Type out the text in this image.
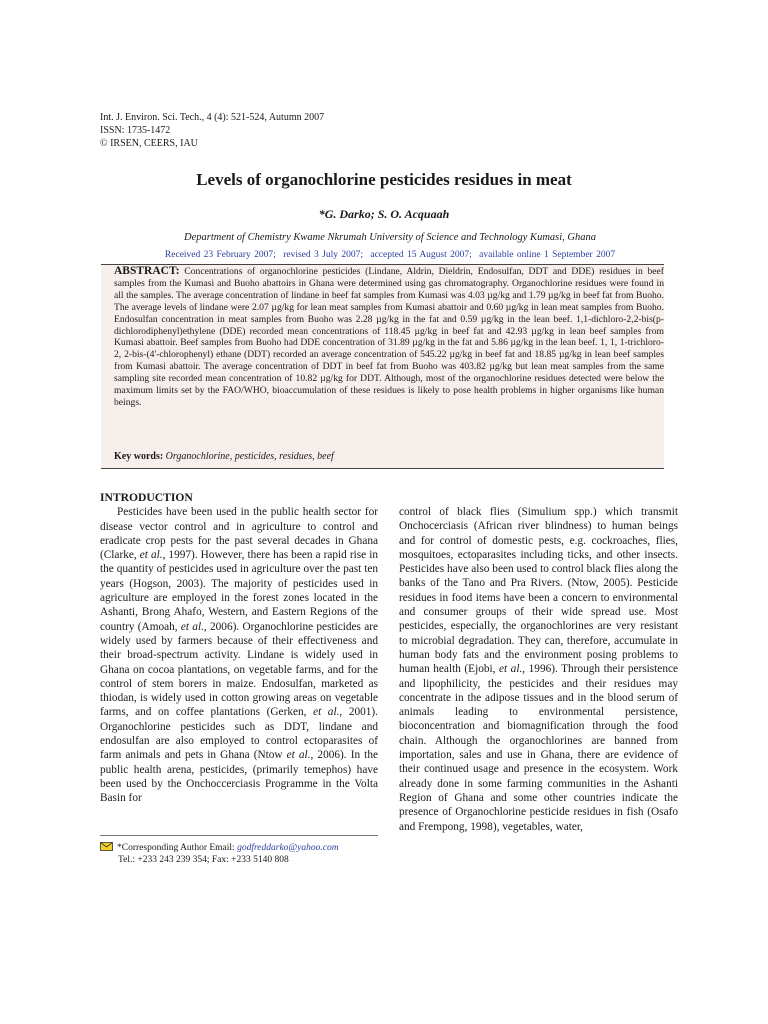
Int. J. Environ. Sci. Tech., 4 (4): 521-524, Autumn 2007
ISSN: 1735-1472
© IRSEN, CEERS, IAU
Levels of organochlorine pesticides residues in meat
*G. Darko; S. O. Acquaah
Department of Chemistry Kwame Nkrumah University of Science and Technology Kumasi, Ghana
Received 23 February 2007; revised 3 July 2007; accepted 15 August 2007; available online 1 September 2007
ABSTRACT: Concentrations of organochlorine pesticides (Lindane, Aldrin, Dieldrin, Endosulfan, DDT and DDE) residues in beef samples from the Kumasi and Buoho abattoirs in Ghana were determined using gas chromatography. Organochlorine residues were found in all the samples. The average concentration of lindane in beef fat samples from Kumasi was 4.03 µg/kg and 1.79 µg/kg in beef fat from Buoho. The average levels of lindane were 2.07 µg/kg for lean meat samples from Kumasi abattoir and 0.60 µg/kg in lean meat samples from Buoho. Endosulfan concentration in meat samples from Buoho was 2.28 µg/kg in the fat and 0.59 µg/kg in the lean beef. 1,1-dichloro-2,2-bis(p-dichlorodiphenyl)ethylene (DDE) recorded mean concentrations of 118.45 µg/kg in beef fat and 42.93 µg/kg in lean beef samples from Kumasi abattoir. Beef samples from Buoho had DDE concentration of 31.89 µg/kg in the fat and 5.86 µg/kg in the lean beef. 1, 1, 1-trichloro-2, 2-bis-(4'-chlorophenyl) ethane (DDT) recorded an average concentration of 545.22 µg/kg in beef fat and 18.85 µg/kg in lean beef samples from Kumasi abattoir. The average concentration of DDT in beef fat from Buoho was 403.82 µg/kg but lean meat samples from the same sampling site recorded mean concentration of 10.82 µg/kg for DDT. Although, most of the organochlorine residues detected were below the maximum limits set by the FAO/WHO, bioaccumulation of these residues is likely to pose health problems in higher organisms like human beings.
Key words: Organochlorine, pesticides, residues, beef
INTRODUCTION
Pesticides have been used in the public health sector for disease vector control and in agriculture to control and eradicate crop pests for the past several decades in Ghana (Clarke, et al., 1997). However, there has been a rapid rise in the quantity of pesticides used in agriculture over the past ten years (Hogson, 2003). The majority of pesticides used in agriculture are employed in the forest zones located in the Ashanti, Brong Ahafo, Western, and Eastern Regions of the country (Amoah, et al., 2006). Organochlorine pesticides are widely used by farmers because of their effectiveness and their broad-spectrum activity. Lindane is widely used in Ghana on cocoa plantations, on vegetable farms, and for the control of stem borers in maize. Endosulfan, marketed as thiodan, is widely used in cotton growing areas on vegetable farms, and on coffee plantations (Gerken, et al., 2001). Organochlorine pesticides such as DDT, lindane and endosulfan are also employed to control ectoparasites of farm animals and pets in Ghana (Ntow et al., 2006). In the public health arena, pesticides, (primarily temephos) have been used by the Onchoccerciasis Programme in the Volta Basin for
control of black flies (Simulium spp.) which transmit Onchocerciasis (African river blindness) to human beings and for control of domestic pests, e.g. cockroaches, flies, mosquitoes, ectoparasites including ticks, and other insects. Pesticides have also been used to control black flies along the banks of the Tano and Pra Rivers. (Ntow, 2005). Pesticide residues in food items have been a concern to environmental and consumer groups of their wide spread use. Most pesticides, especially, the organochlorines are very resistant to microbial degradation. They can, therefore, accumulate in human body fats and the environment posing problems to human health (Ejobi, et al., 1996). Through their persistence and lipophilicity, the pesticides and their residues may concentrate in the adipose tissues and in the blood serum of animals leading to environmental persistence, bioconcentration and biomagnification through the food chain. Although the organochlorines are banned from importation, sales and use in Ghana, there are evidence of their continued usage and presence in the ecosystem. Work already done in some farming communities in the Ashanti Region of Ghana and some other countries indicate the presence of Organochlorine pesticide residues in fish (Osafo and Frempong, 1998), vegetables, water,
*Corresponding Author Email: godfreddarko@yahoo.com
Tel.: +233 243 239 354; Fax: +233 5140 808
